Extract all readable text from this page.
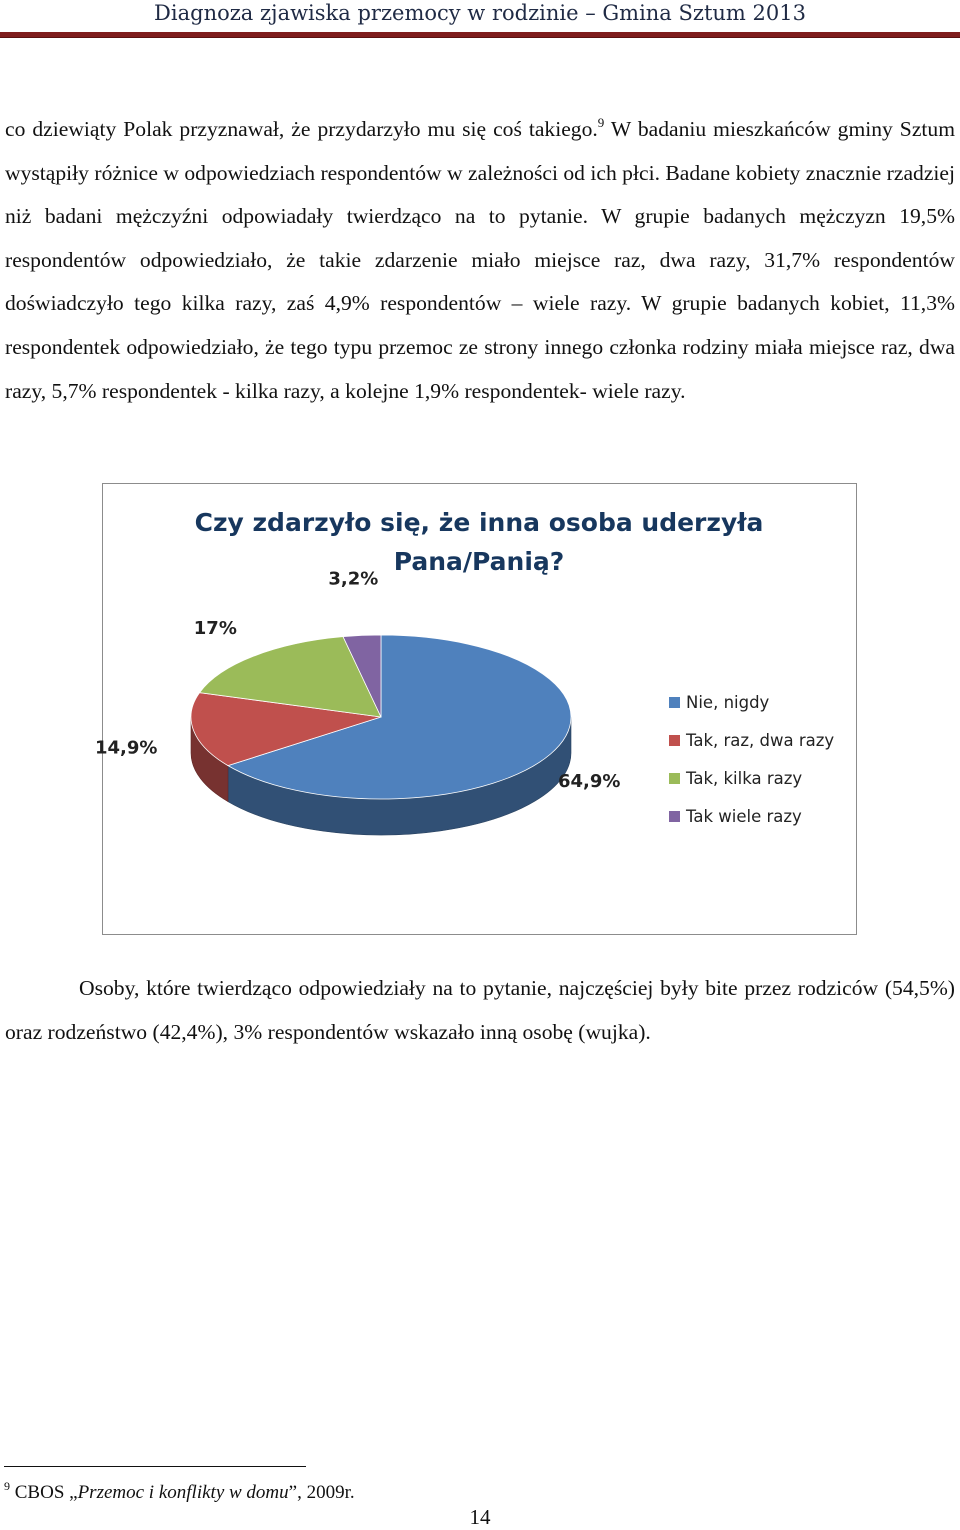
Diagnoza zjawiska przemocy w rodzinie – Gmina Sztum 2013

co dziewiąty Polak przyznawał, że przydarzyło mu się coś takiego.$^9$ W badaniu mieszkańców gminy Sztum wystąpiły różnice w odpowiedziach respondentów w zależności od ich płci. Badane kobiety znacznie rzadziej niż badani mężczyźni odpowiadały twierdząco na to pytanie. W grupie badanych mężczyzn 19,5% respondentów odpowiedziało, że takie zdarzenie miało miejsce raz, dwa razy, 31,7% respondentów doświadczyło tego kilka razy, zaś 4,9% respondentów – wiele razy. W grupie badanych kobiet, 11,3% respondentek odpowiedziało, że tego typu przemoc ze strony innego członka rodziny miała miejsce raz, dwa razy, 5,7% respondentek - kilka razy, a kolejne 1,9% respondentek- wiele razy.

Czy zdarzyło się, że inna osoba uderzyła
Pana/Panią?
64,9%
14,9%
17%
3,2%
Nie, nigdy
Tak, raz, dwa razy
Tak, kilka razy
Tak wiele razy

Osoby, które twierdząco odpowiedziały na to pytanie, najczęściej były bite przez rodziców (54,5%) oraz rodzeństwo (42,4%), 3% respondentów wskazało inną osobę (wujka).

$^9$ CBOS „Przemoc i konflikty w domu”, 2009r.
14
